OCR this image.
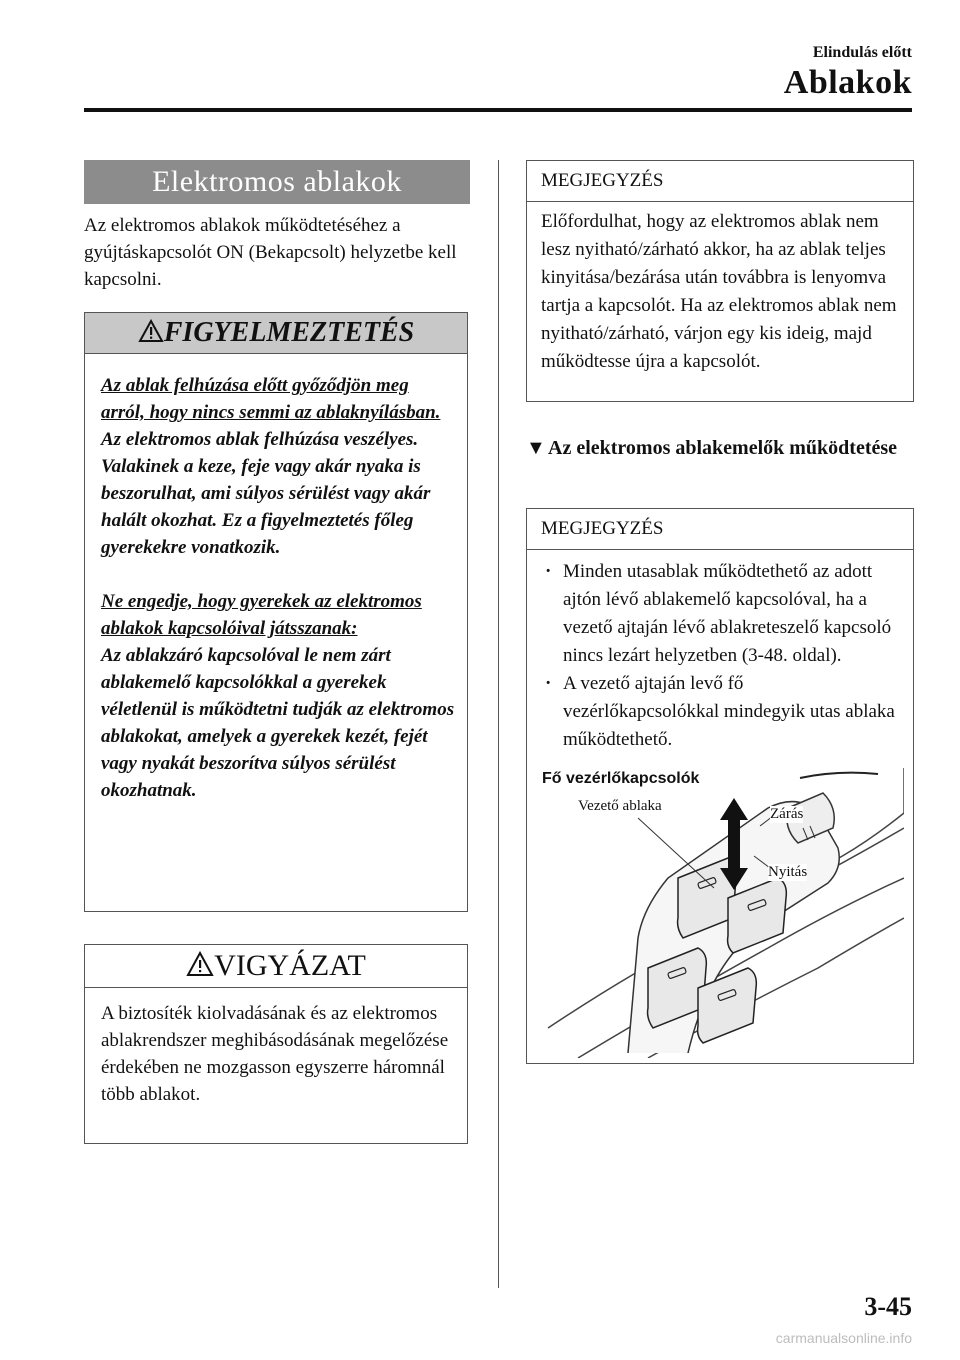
Elindulás előtt
Ablakok
Elektromos ablakok
Az elektromos ablakok működtetéséhez a gyújtáskapcsolót ON (Bekapcsolt) helyzetbe kell kapcsolni.
FIGYELMEZTETÉS

Az ablak felhúzása előtt győződjön meg arról, hogy nincs semmi az ablaknyílásban.

Az elektromos ablak felhúzása veszélyes. Valakinek a keze, feje vagy akár nyaka is beszorulhat, ami súlyos sérülést vagy akár halált okozhat. Ez a figyelmeztetés főleg gyerekekre vonatkozik.

Ne engedje, hogy gyerekek az elektromos ablakok kapcsolóival játsszanak:

Az ablakzáró kapcsolóval le nem zárt ablakemelő kapcsolókkal a gyerekek véletlenül is működtetni tudják az elektromos ablakokat, amelyek a gyerekek kezét, fejét vagy nyakát beszorítva súlyos sérülést okozhatnak.

VIGYÁZAT
A biztosíték kiolvadásának és az elektromos ablakrendszer meghibásodásának megelőzése érdekében ne mozgasson egyszerre háromnál több ablakot.
MEGJEGYZÉS
Előfordulhat, hogy az elektromos ablak nem lesz nyitható/zárható akkor, ha az ablak teljes kinyitása/bezárása után továbbra is lenyomva tartja a kapcsolót. Ha az elektromos ablak nem nyitható/zárható, várjon egy kis ideig, majd működtesse újra a kapcsolót.
▼ Az elektromos ablakemelők működtetése
MEGJEGYZÉS
· Minden utasablak működtethető az adott ajtón lévő ablakemelő kapcsolóval, ha a vezető ajtaján lévő ablakreteszelő kapcsoló nincs lezárt helyzetben (3-48. oldal).
· A vezető ajtaján levő fő vezérlőkapcsolókkal mindegyik utas ablaka működtethető.
Fő vezérlőkapcsolók
Vezető ablaka	Zárás
Nyitás
3-45
carmanualsonline.info
